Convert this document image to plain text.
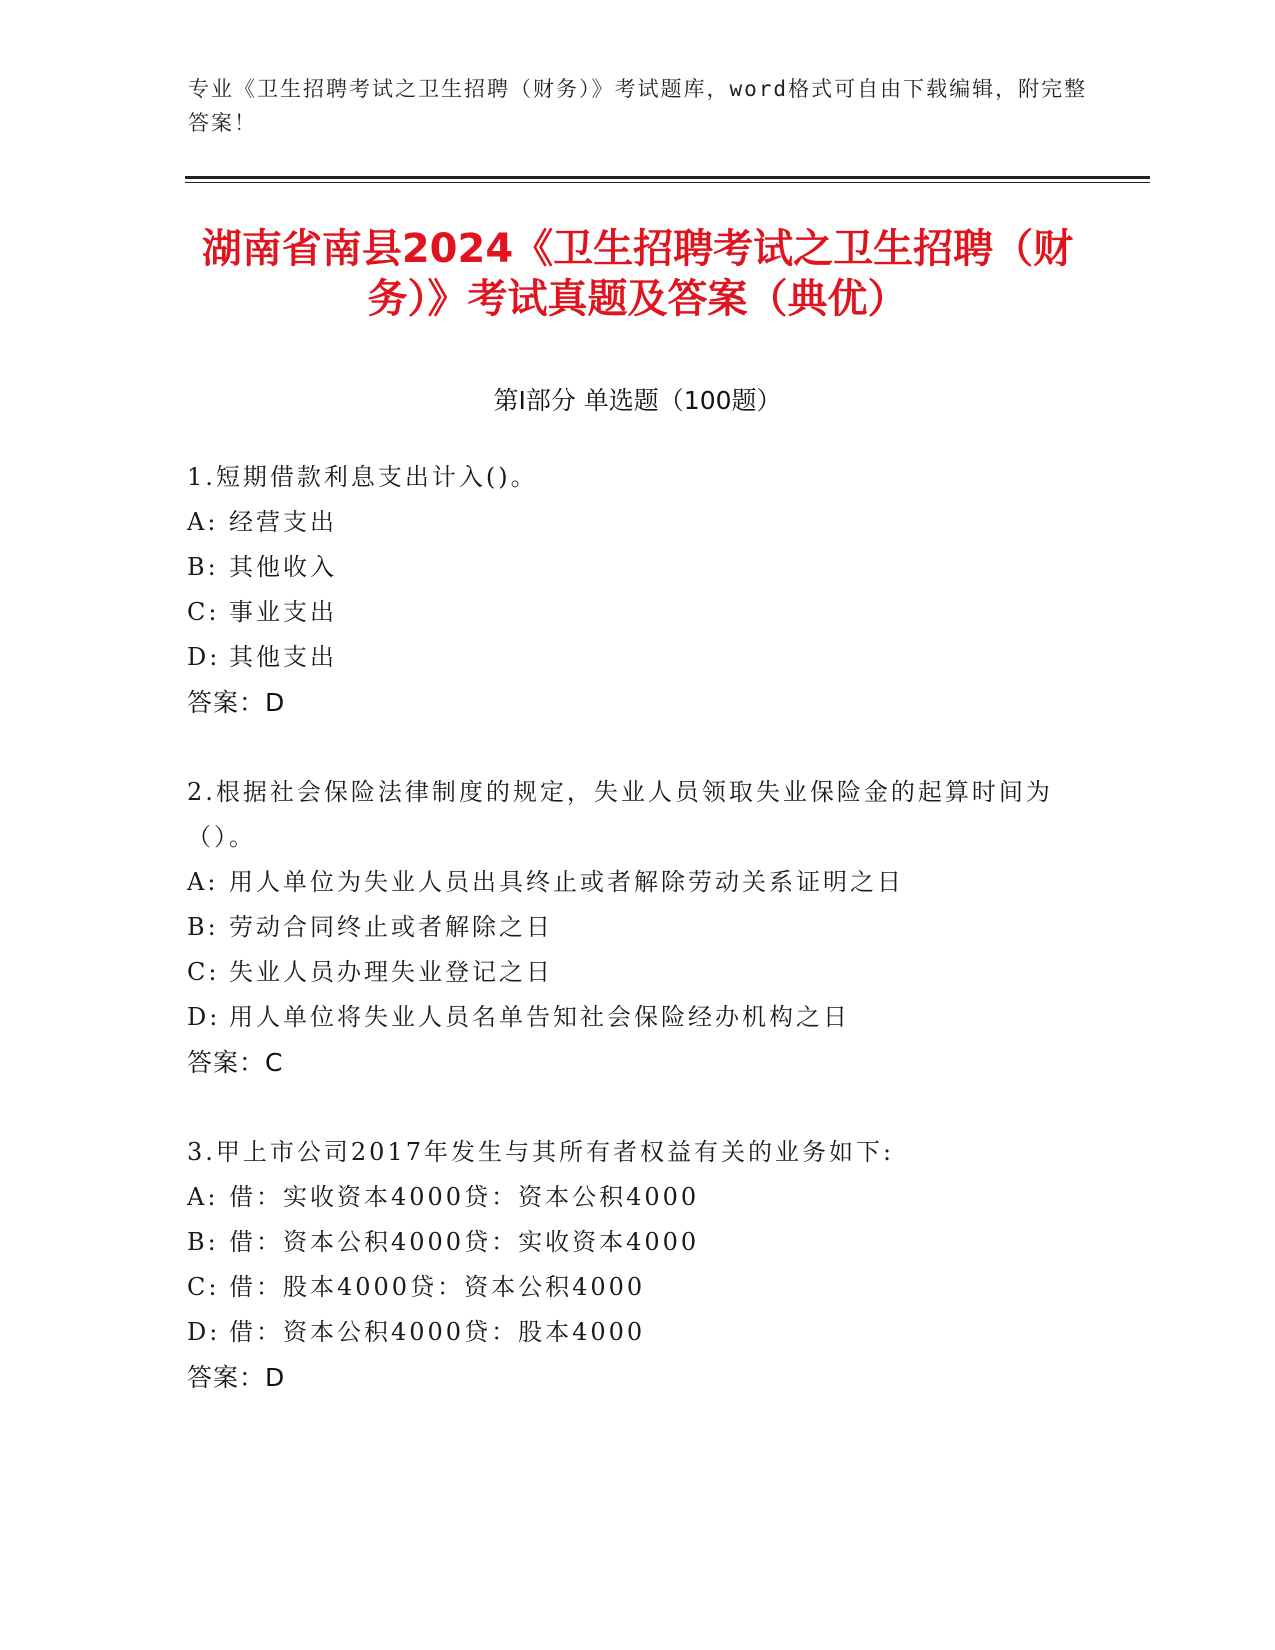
专业《卫生招聘考试之卫生招聘（财务）》考试题库，word格式可自由下载编辑，附完整答案！
湖南省南县2024《卫生招聘考试之卫生招聘（财务）》考试真题及答案（典优）
第Ⅰ部分 单选题（100题）
1.短期借款利息支出计入()。
A: 经营支出
B: 其他收入
C: 事业支出
D: 其他支出
答案：D
2.根据社会保险法律制度的规定，失业人员领取失业保险金的起算时间为（）。
A: 用人单位为失业人员出具终止或者解除劳动关系证明之日
B: 劳动合同终止或者解除之日
C: 失业人员办理失业登记之日
D: 用人单位将失业人员名单告知社会保险经办机构之日
答案：C
3.甲上市公司2017年发生与其所有者权益有关的业务如下:
A: 借：实收资本4000贷：资本公积4000
B: 借：资本公积4000贷：实收资本4000
C: 借：股本4000贷：资本公积4000
D: 借：资本公积4000贷：股本4000
答案：D
